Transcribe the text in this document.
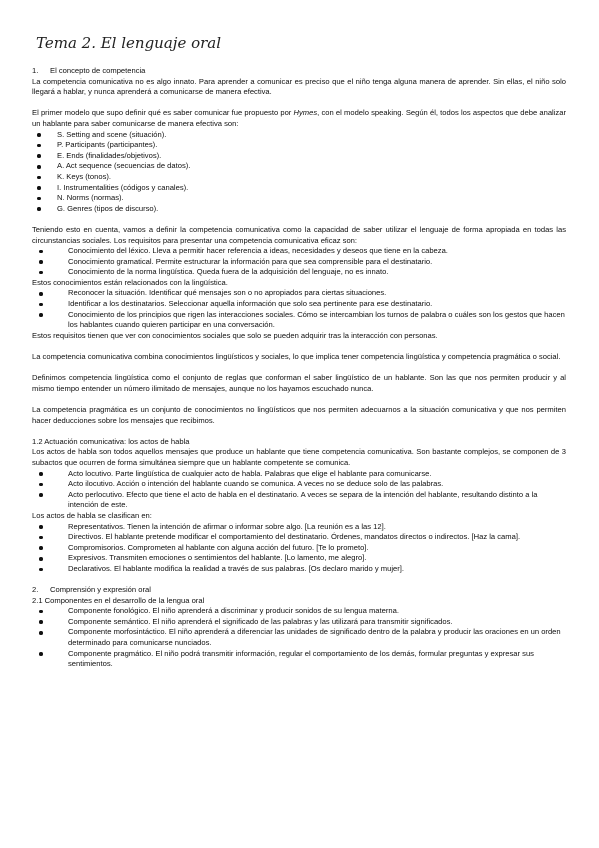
Tema 2. El lenguaje oral

1. El concepto de competencia

La competencia comunicativa no es algo innato. Para aprender a comunicar es preciso que el niño tenga alguna manera de aprender. Sin ellas, el niño solo llegará a hablar, y nunca aprenderá a comunicarse de manera efectiva.

El primer modelo que supo definir qué es saber comunicar fue propuesto por Hymes, con el modelo speaking. Según él, todos los aspectos que debe analizar un hablante para saber comunicarse de manera efectiva son:

S. Setting and scene (situación).
P. Participants (participantes).
E. Ends (finalidades/objetivos).
A. Act sequence (secuencias de datos).
K. Keys (tonos).
I. Instrumentalities (códigos y canales).
N. Norms (normas).
G. Genres (tipos de discurso).

Teniendo esto en cuenta, vamos a definir la competencia comunicativa como la capacidad de saber utilizar el lenguaje de forma apropiada en todas las circunstancias sociales. Los requisitos para presentar una competencia comunicativa eficaz son:

Conocimiento del léxico. Lleva a permitir hacer referencia a ideas, necesidades y deseos que tiene en la cabeza.
Conocimiento gramatical. Permite estructurar la información para que sea comprensible para el destinatario.
Conocimiento de la norma lingüística. Queda fuera de la adquisición del lenguaje, no es innato.

Estos conocimientos están relacionados con la lingüística.

Reconocer la situación. Identificar qué mensajes son o no apropiados para ciertas situaciones.
Identificar a los destinatarios. Seleccionar aquella información que solo sea pertinente para ese destinatario.
Conocimiento de los principios que rigen las interacciones sociales. Cómo se intercambian los turnos de palabra o cuáles son los gestos que hacen los hablantes cuando quieren participar en una conversación.

Estos requisitos tienen que ver con conocimientos sociales que solo se pueden adquirir tras la interacción con personas.

La competencia comunicativa combina conocimientos lingüísticos y sociales, lo que implica tener competencia lingüística y competencia pragmática o social.

Definimos competencia lingüística como el conjunto de reglas que conforman el saber lingüístico de un hablante. Son las que nos permiten producir y al mismo tiempo entender un número ilimitado de mensajes, aunque no los hayamos escuchado nunca.

La competencia pragmática es un conjunto de conocimientos no lingüísticos que nos permiten adecuarnos a la situación comunicativa y que nos permiten hacer deducciones sobre los mensajes que recibimos.

1.2 Actuación comunicativa: los actos de habla

Los actos de habla son todos aquellos mensajes que produce un hablante que tiene competencia comunicativa. Son bastante complejos, se componen de 3 subactos que ocurren de forma simultánea siempre que un hablante competente se comunica.

Acto locutivo. Parte lingüística de cualquier acto de habla. Palabras que elige el hablante para comunicarse.
Acto ilocutivo. Acción o intención del hablante cuando se comunica. A veces no se deduce solo de las palabras.
Acto perlocutivo. Efecto que tiene el acto de habla en el destinatario. A veces se separa de la intención del hablante, resultando distinto a la intención de este.

Los actos de habla se clasifican en:

Representativos. Tienen la intención de afirmar o informar sobre algo. [La reunión es a las 12].
Directivos. El hablante pretende modificar el comportamiento del destinatario. Órdenes, mandatos directos o indirectos. [Haz la cama].
Compromisorios. Comprometen al hablante con alguna acción del futuro. [Te lo prometo].
Expresivos. Transmiten emociones o sentimientos del hablante. [Lo lamento, me alegro].
Declarativos. El hablante modifica la realidad a través de sus palabras. [Os declaro marido y mujer].

2. Comprensión y expresión oral

2.1 Componentes en el desarrollo de la lengua oral

Componente fonológico. El niño aprenderá a discriminar y producir sonidos de su lengua materna.
Componente semántico. El niño aprenderá el significado de las palabras y las utilizará para transmitir significados.
Componente morfosintáctico. El niño aprenderá a diferenciar las unidades de significado dentro de la palabra y producir las oraciones en un orden determinado para comunicarse nunciados.
Componente pragmático. El niño podrá transmitir información, regular el comportamiento de los demás, formular preguntas y expresar sus sentimientos.
